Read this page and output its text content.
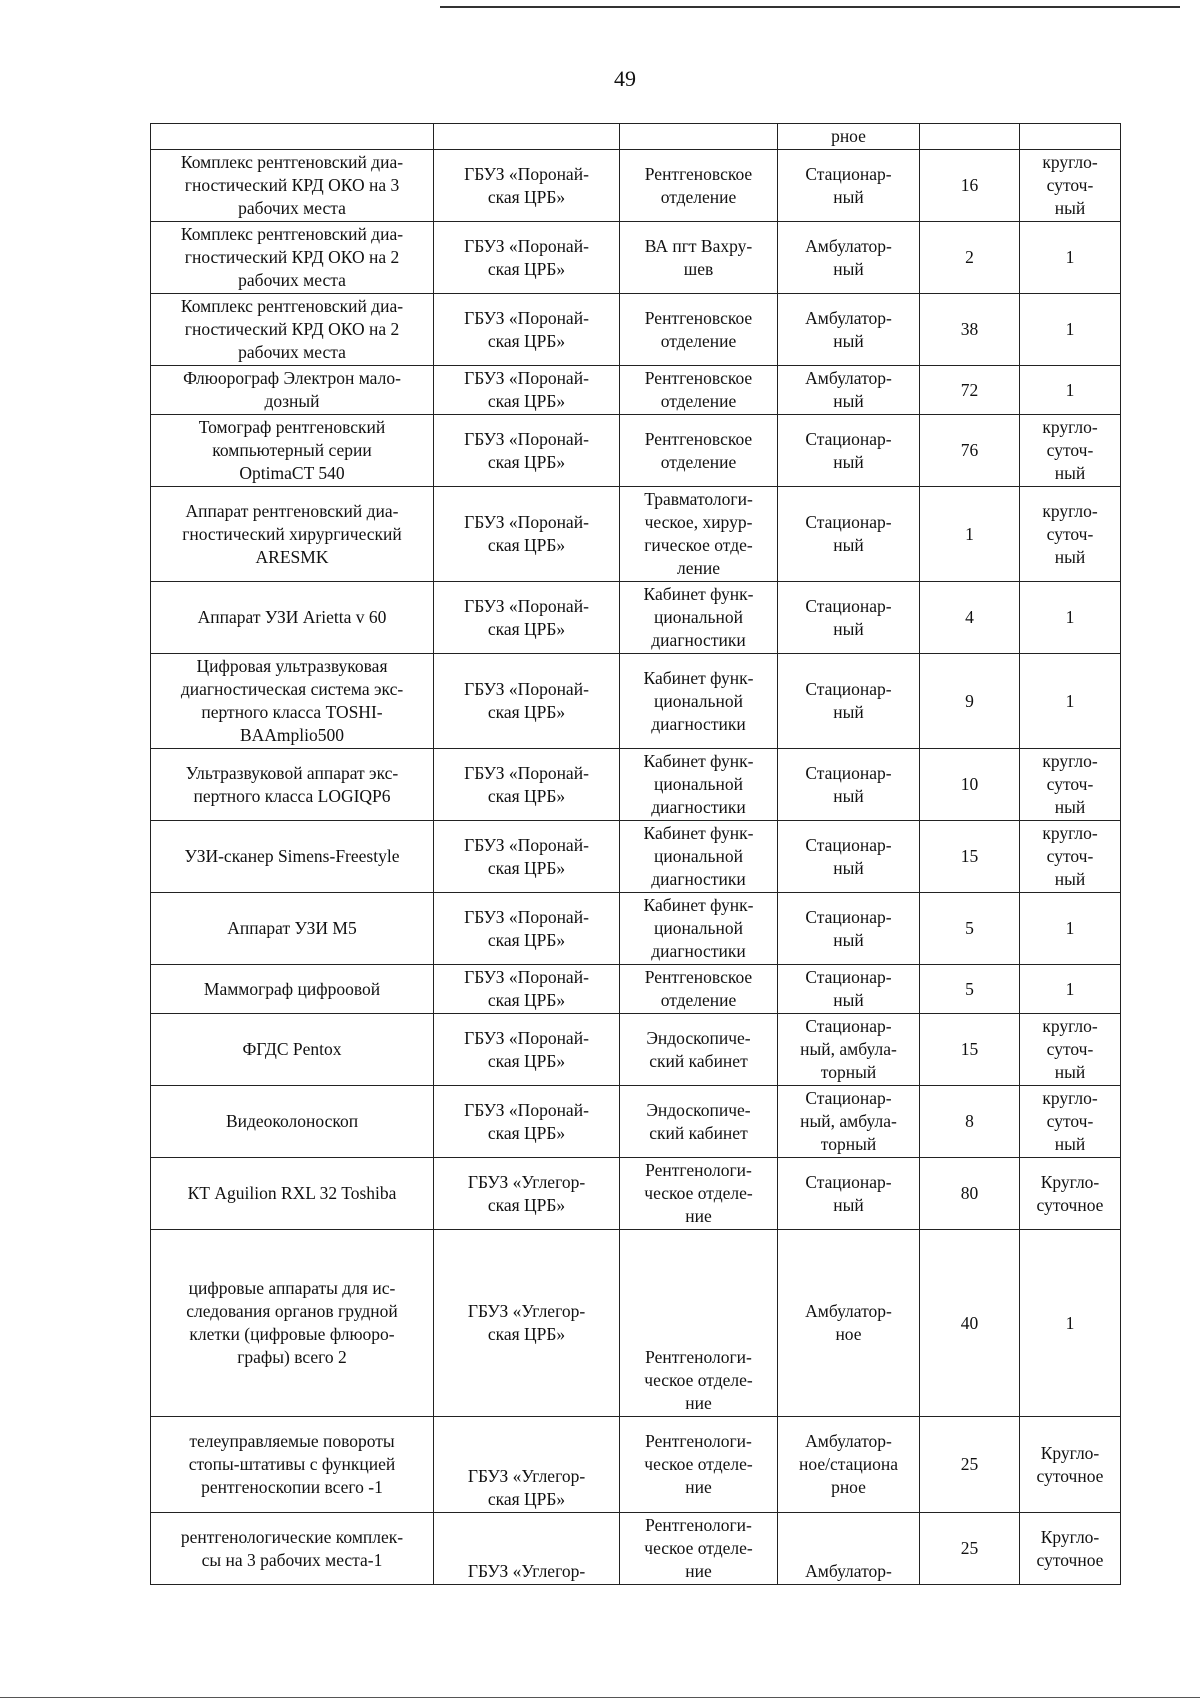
49
			рное		
Комплекс рентгеновский диа-
гностический КРД ОКО на 3
рабочих места	ГБУЗ «Поронай-
ская ЦРБ»	Рентгеновское
отделение	Стационар-
ный	16	кругло-
суточ-
ный
Комплекс рентгеновский диа-
гностический КРД ОКО на 2
рабочих места	ГБУЗ «Поронай-
ская ЦРБ»	ВА пгт Вахру-
шев	Амбулатор-
ный	2	1
Комплекс рентгеновский диа-
гностический КРД ОКО на 2
рабочих места	ГБУЗ «Поронай-
ская ЦРБ»	Рентгеновское
отделение	Амбулатор-
ный	38	1
Флюорограф Электрон мало-
дозный	ГБУЗ «Поронай-
ская ЦРБ»	Рентгеновское
отделение	Амбулатор-
ный	72	1
Томограф рентгеновский
компьютерный серии
OptimaCT 540	ГБУЗ «Поронай-
ская ЦРБ»	Рентгеновское
отделение	Стационар-
ный	76	кругло-
суточ-
ный
Аппарат рентгеновский диа-
гностический хирургический
ARESMK	ГБУЗ «Поронай-
ская ЦРБ»	Травматологи-
ческое, хирур-
гическое отде-
ление	Стационар-
ный	1	кругло-
суточ-
ный
Аппарат УЗИ Arietta v 60	ГБУЗ «Поронай-
ская ЦРБ»	Кабинет функ-
циональной
диагностики	Стационар-
ный	4	1
Цифровая ультразвуковая
диагностическая система экс-
пертного класса TOSHI-
BAAmplio500	ГБУЗ «Поронай-
ская ЦРБ»	Кабинет функ-
циональной
диагностики	Стационар-
ный	9	1
Ультразвуковой аппарат экс-
пертного класса LOGIQP6	ГБУЗ «Поронай-
ская ЦРБ»	Кабинет функ-
циональной
диагностики	Стационар-
ный	10	кругло-
суточ-
ный
УЗИ-сканер Simens-Freestyle	ГБУЗ «Поронай-
ская ЦРБ»	Кабинет функ-
циональной
диагностики	Стационар-
ный	15	кругло-
суточ-
ный
Аппарат УЗИ М5	ГБУЗ «Поронай-
ская ЦРБ»	Кабинет функ-
циональной
диагностики	Стационар-
ный	5	1
Маммограф цифроовой	ГБУЗ «Поронай-
ская ЦРБ»	Рентгеновское
отделение	Стационар-
ный	5	1
ФГДС Pentox	ГБУЗ «Поронай-
ская ЦРБ»	Эндоскопиче-
ский кабинет	Стационар-
ный, амбула-
торный	15	кругло-
суточ-
ный
Видеоколоноскоп	ГБУЗ «Поронай-
ская ЦРБ»	Эндоскопиче-
ский кабинет	Стационар-
ный, амбула-
торный	8	кругло-
суточ-
ный
КТ Aguilion RXL 32 Toshiba	ГБУЗ «Углегор-
ская ЦРБ»	Рентгенологи-
ческое отделе-
ние	Стационар-
ный	80	Кругло-
суточное
цифровые аппараты для ис-
следования органов грудной
клетки (цифровые флюоро-
графы) всего 2	ГБУЗ «Углегор-
ская ЦРБ»	Рентгенологи-
ческое отделе-
ние	Амбулатор-
ное	40	1
телеуправляемые повороты
стопы-штативы с функцией
рентгеноскопии всего -1	ГБУЗ «Углегор-
ская ЦРБ»	Рентгенологи-
ческое отделе-
ние	Амбулатор-
ное/стациона
рное	25	Кругло-
суточное
рентгенологические комплек-
сы на 3 рабочих места-1	ГБУЗ «Углегор-	Рентгенологи-
ческое отделе-
ние	Амбулатор-	25	Кругло-
суточное
